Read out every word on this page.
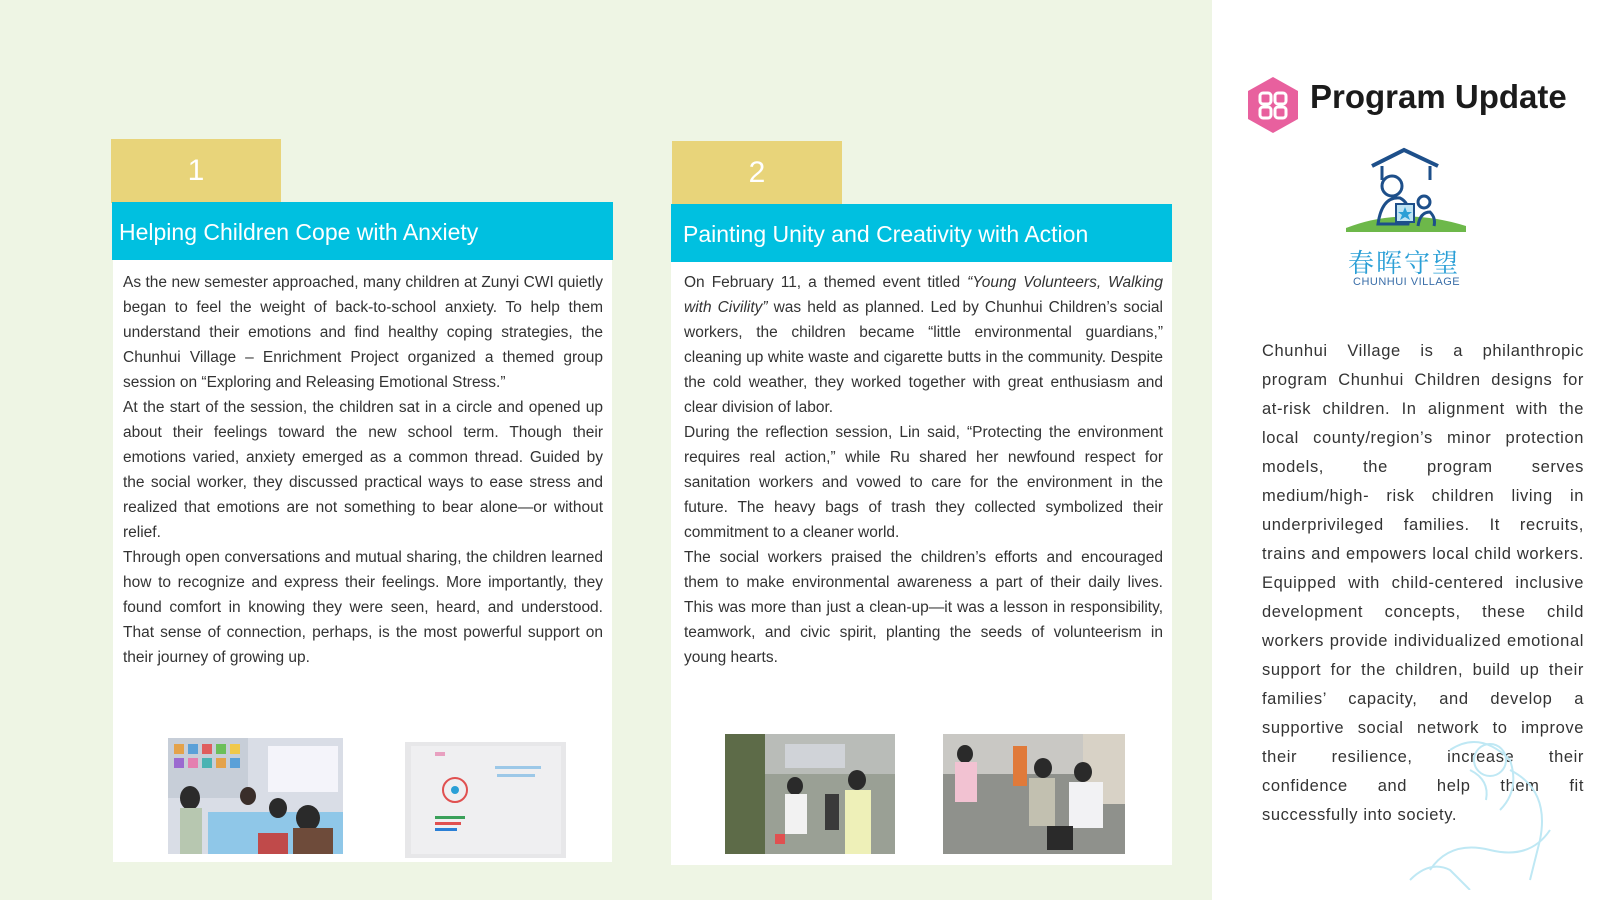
1
Helping Children Cope with Anxiety

As the new semester approached, many children at Zunyi CWI quietly began to feel the weight of back-to-school anxiety. To help them understand their emotions and find healthy coping strategies, the Chunhui Village – Enrichment Project organized a themed group session on “Exploring and Releasing Emotional Stress.”

At the start of the session, the children sat in a circle and opened up about their feelings toward the new school term. Though their emotions varied, anxiety emerged as a common thread. Guided by the social worker, they discussed practical ways to ease stress and realized that emotions are not something to bear alone—or without relief.

Through open conversations and mutual sharing, the children learned how to recognize and express their feelings. More importantly, they found comfort in knowing they were seen, heard, and understood. That sense of connection, perhaps, is the most powerful support on their journey of growing up.

2
Painting Unity and Creativity with Action

On February 11, a themed event titled “Young Volunteers, Walking with Civility” was held as planned. Led by Chunhui Children’s social workers, the children became “little environmental guardians,” cleaning up white waste and cigarette butts in the community. Despite the cold weather, they worked together with great enthusiasm and clear division of labor.

During the reflection session, Lin said, “Protecting the environment requires real action,” while Ru shared her newfound respect for sanitation workers and vowed to care for the environment in the future. The heavy bags of trash they collected symbolized their commitment to a cleaner world.

The social workers praised the children’s efforts and encouraged them to make environmental awareness a part of their daily lives. This was more than just a clean-up—it was a lesson in responsibility, teamwork, and civic spirit, planting the seeds of volunteerism in young hearts.

Program Update
春晖守望
CHUNHUI VILLAGE
Chunhui Village is a philanthropic program Chunhui Children designs for at-risk children. In alignment with the local county/region’s minor protection models, the program serves medium/high- risk children living in underprivileged families. It recruits, trains and empowers local child workers. Equipped with child-centered inclusive development concepts, these child workers provide individualized emotional support for the children, build up their families’ capacity, and develop a supportive social network to improve their resilience, increase their confidence and help them fit successfully into society.
